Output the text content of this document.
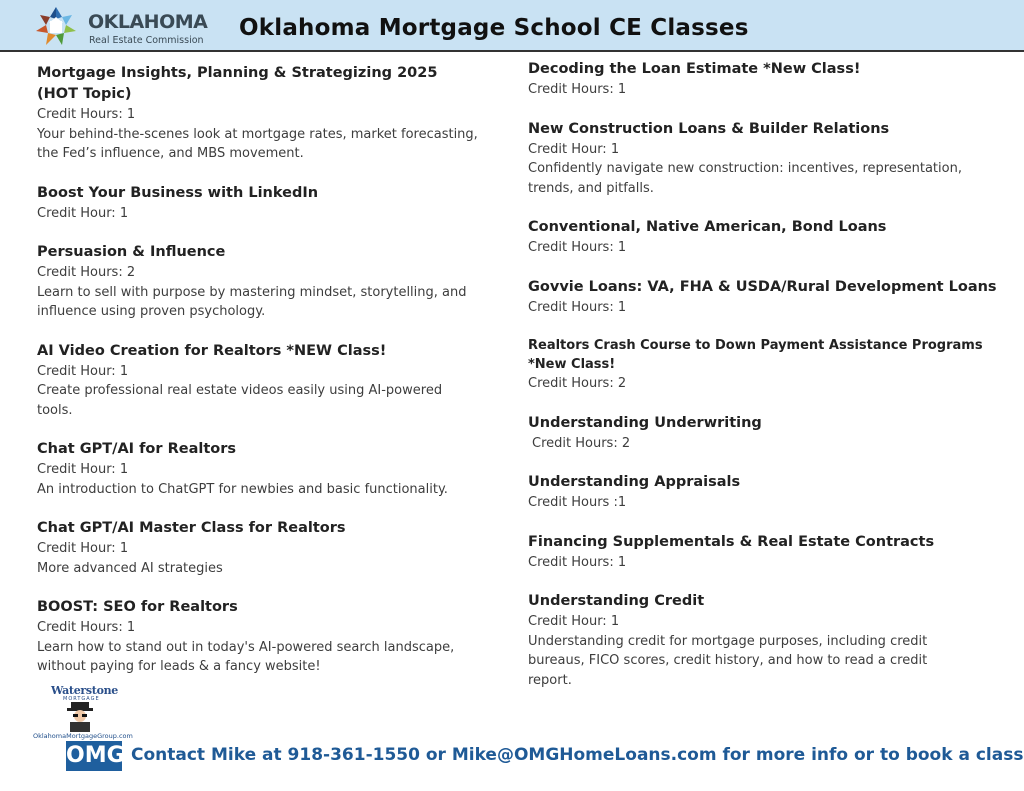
OKLAHOMA
Real Estate Commission Oklahoma Mortgage School CE Classes
Mortgage Insights, Planning & Strategizing 2025
(HOT Topic)
Credit Hours: 1
Your behind-the-scenes look at mortgage rates, market forecasting,
the Fed’s influence, and MBS movement.
Boost Your Business with LinkedIn
Credit Hour: 1
Persuasion & Influence
Credit Hours: 2
Learn to sell with purpose by mastering mindset, storytelling, and
influence using proven psychology.
AI Video Creation for Realtors *NEW Class!
Credit Hour: 1
Create professional real estate videos easily using AI-powered
tools.
Chat GPT/AI for Realtors
Credit Hour: 1
An introduction to ChatGPT for newbies and basic functionality.
Chat GPT/AI Master Class for Realtors
Credit Hour: 1
More advanced AI strategies
BOOST: SEO for Realtors
Credit Hours: 1
Learn how to stand out in today's AI-powered search landscape,
without paying for leads & a fancy website!
Decoding the Loan Estimate *New Class!
Credit Hours: 1
New Construction Loans & Builder Relations
Credit Hour: 1
Confidently navigate new construction: incentives, representation,
trends, and pitfalls.
Conventional, Native American, Bond Loans
Credit Hours: 1
Govvie Loans: VA, FHA & USDA/Rural Development Loans
Credit Hours: 1
Realtors Crash Course to Down Payment Assistance Programs
*New Class!
Credit Hours: 2
Understanding Underwriting
Credit Hours: 2
Understanding Appraisals
Credit Hours :1
Financing Supplementals & Real Estate Contracts
Credit Hours: 1
Understanding Credit
Credit Hour: 1
Understanding credit for mortgage purposes, including credit
bureaus, FICO scores, credit history, and how to read a credit
report.
Waterstone
MORTGAGE
OklahomaMortgageGroup.com
OMG Contact Mike at 918-361-1550 or Mike@OMGHomeLoans.com for more info or to book a class
